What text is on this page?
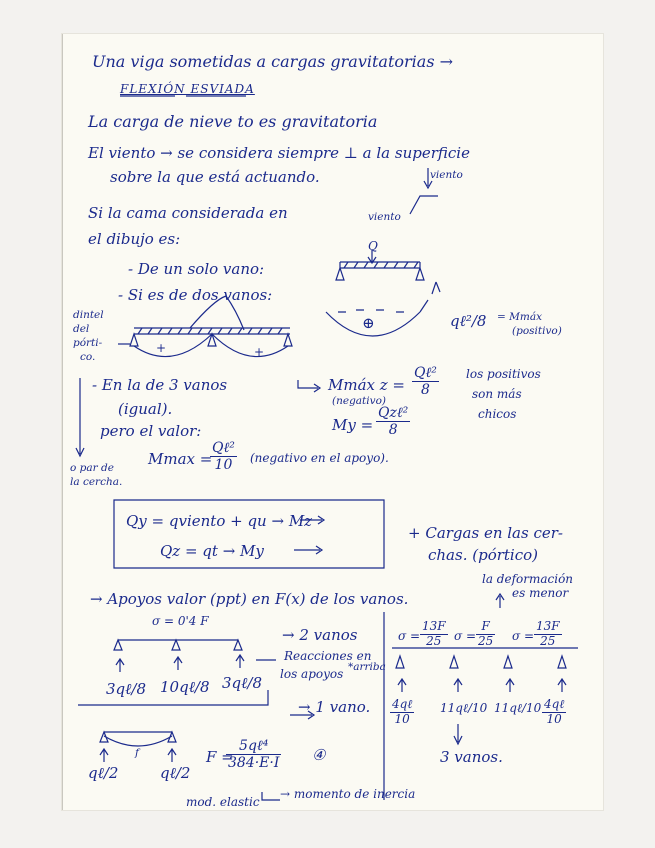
Una viga sometidas a cargas gravitatorias →
FLEXIÓN ESVIADA
La carga de nieve to es gravitatoria
El viento → se considera siempre ⊥ a la superficie
sobre la que está actuando.
Si la cama considerada en
el dibujo es:
- De un solo vano:
- Si es de dos vanos:
dintel
del
pórti-
co.
- En la de 3 vanos
(igual).
pero el valor:
Mmax =
Qℓ²
10	(negativo en el apoyo).
o par de
la cercha.
Mmáx z =
Qℓ²
8
(negativo)
My =
Qzℓ²
8
los positivos
son más
chicos
qℓ²/8 = Mmáx
(positivo)
viento
viento
Q
+	+
⊕
Qy = qviento + qu → Mz
Qz = qt → My
+ Cargas en las cer-
chas. (pórtico)
la deformación
es menor
→ Apoyos valor (ppt) en F(x) de los vanos.
σ = 0'4 F
→ 2 vanos
Reacciones en
los apoyos *arriba
3qℓ/8 10qℓ/8 3qℓ/8
→ 1 vano.
qℓ/2	qℓ/2
f	F =
5qℓ⁴
384·E·I ④
mod. elastic
→ momento de inercia
$\sigma = \frac{13F}{25}$ $\sigma = \frac{F}{25}$ $\sigma = \frac{13F}{25}$
4qℓ
10
11qℓ/10 11qℓ/10 4qℓ
10
3 vanos.
